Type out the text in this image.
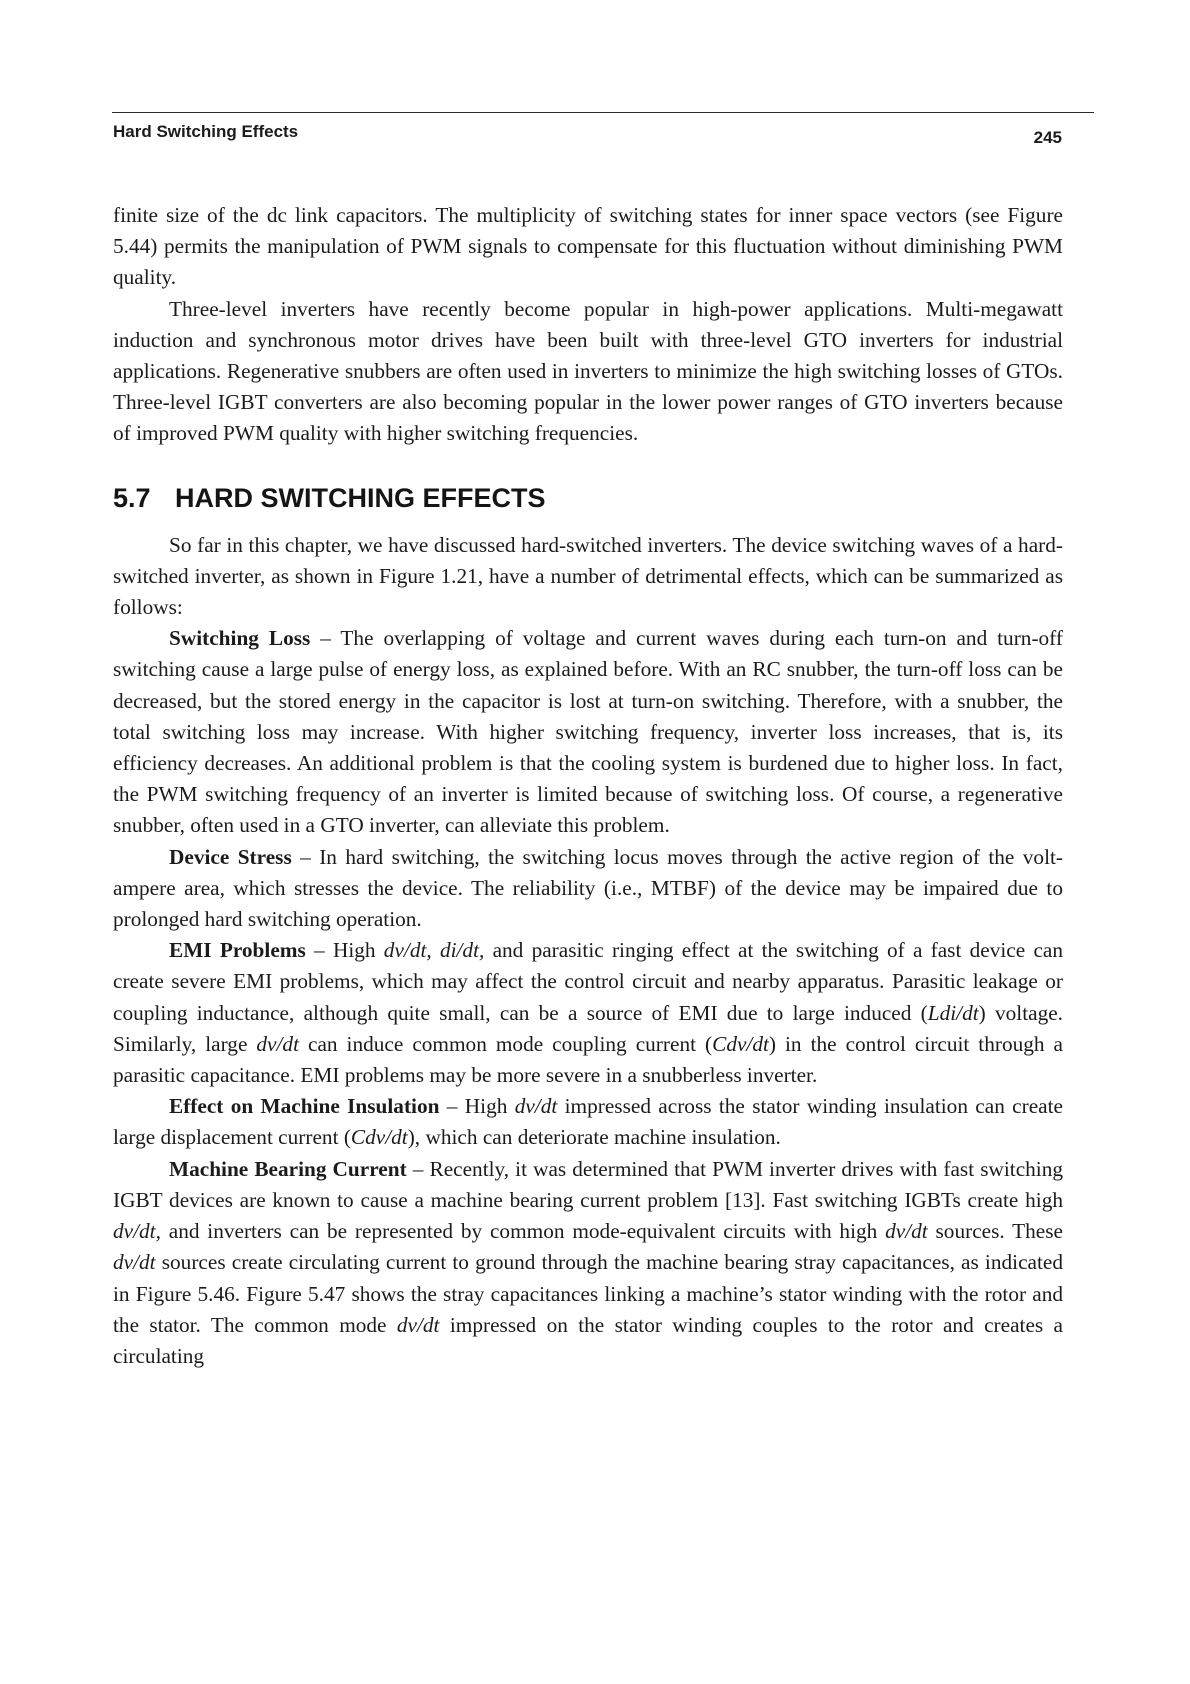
Hard Switching Effects	245

finite size of the dc link capacitors. The multiplicity of switching states for inner space vectors (see Figure 5.44) permits the manipulation of PWM signals to compensate for this fluctuation without diminishing PWM quality.

Three-level inverters have recently become popular in high-power applications. Multi-megawatt induction and synchronous motor drives have been built with three-level GTO inverters for industrial applications. Regenerative snubbers are often used in inverters to minimize the high switching losses of GTOs. Three-level IGBT converters are also becoming popular in the lower power ranges of GTO inverters because of improved PWM quality with higher switching frequencies.

5.7 HARD SWITCHING EFFECTS

So far in this chapter, we have discussed hard-switched inverters. The device switching waves of a hard-switched inverter, as shown in Figure 1.21, have a number of detrimental effects, which can be summarized as follows:

Switching Loss – The overlapping of voltage and current waves during each turn-on and turn-off switching cause a large pulse of energy loss, as explained before. With an RC snubber, the turn-off loss can be decreased, but the stored energy in the capacitor is lost at turn-on switching. Therefore, with a snubber, the total switching loss may increase. With higher switching frequency, inverter loss increases, that is, its efficiency decreases. An additional problem is that the cooling system is burdened due to higher loss. In fact, the PWM switching frequency of an inverter is limited because of switching loss. Of course, a regenerative snubber, often used in a GTO inverter, can alleviate this problem.

Device Stress – In hard switching, the switching locus moves through the active region of the volt-ampere area, which stresses the device. The reliability (i.e., MTBF) of the device may be impaired due to prolonged hard switching operation.

EMI Problems – High dv/dt, di/dt, and parasitic ringing effect at the switching of a fast device can create severe EMI problems, which may affect the control circuit and nearby apparatus. Parasitic leakage or coupling inductance, although quite small, can be a source of EMI due to large induced (Ldi/dt) voltage. Similarly, large dv/dt can induce common mode coupling current (Cdv/dt) in the control circuit through a parasitic capacitance. EMI problems may be more severe in a snubberless inverter.

Effect on Machine Insulation – High dv/dt impressed across the stator winding insulation can create large displacement current (Cdv/dt), which can deteriorate machine insulation.

Machine Bearing Current – Recently, it was determined that PWM inverter drives with fast switching IGBT devices are known to cause a machine bearing current problem [13]. Fast switching IGBTs create high dv/dt, and inverters can be represented by common mode-equivalent circuits with high dv/dt sources. These dv/dt sources create circulating current to ground through the machine bearing stray capacitances, as indicated in Figure 5.46. Figure 5.47 shows the stray capacitances linking a machine’s stator winding with the rotor and the stator. The common mode dv/dt impressed on the stator winding couples to the rotor and creates a circulating
